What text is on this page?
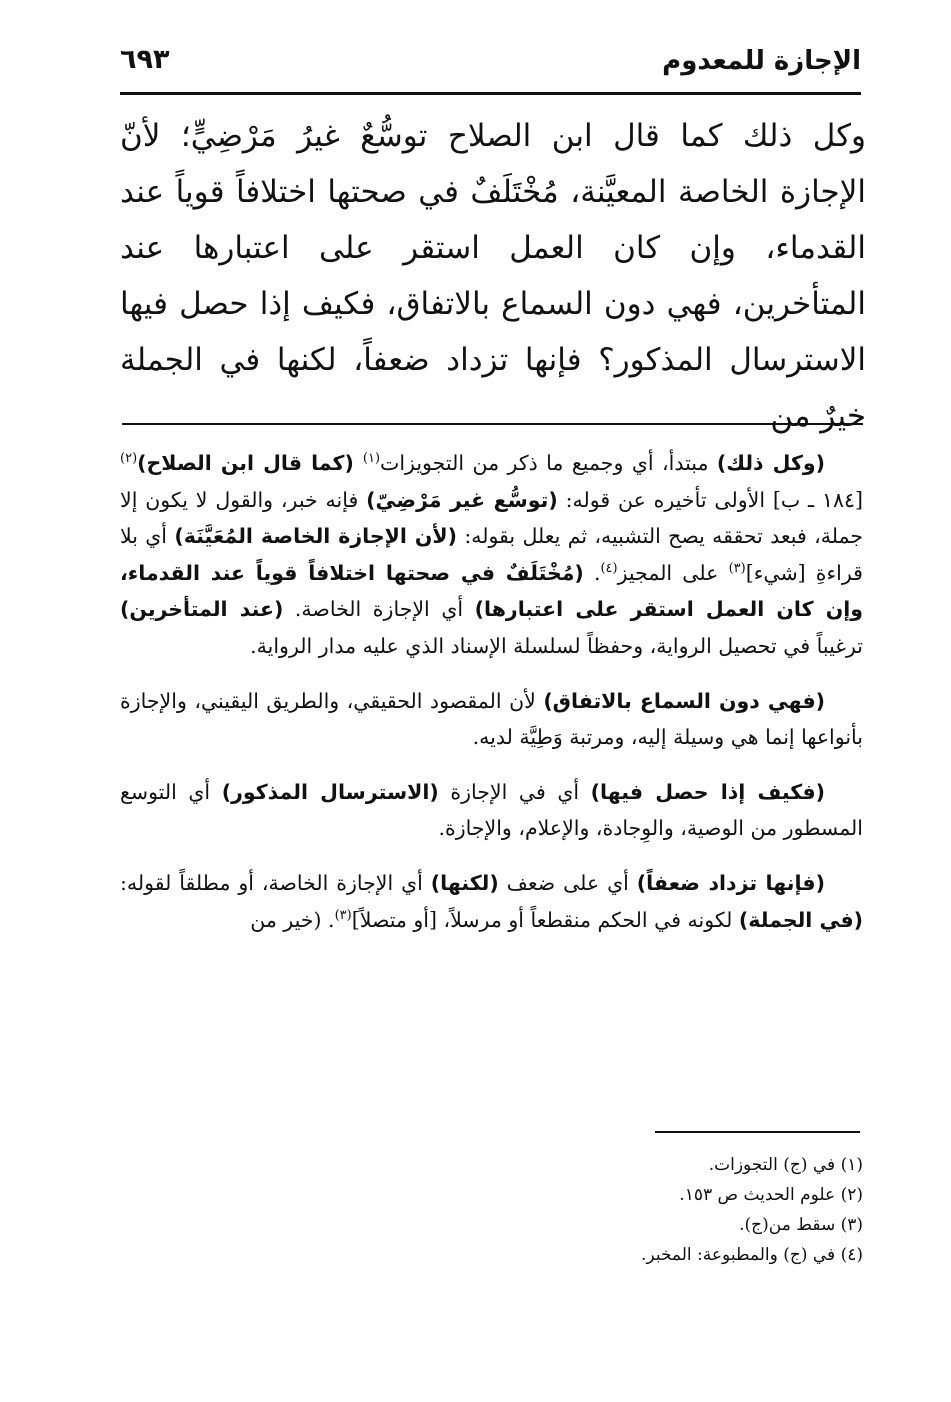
الإجازة للمعدوم
٦٩٣

وكل ذلك كما قال ابن الصلاح توسُّعٌ غيرُ مَرْضِيٍّ؛ لأنّ الإجازة الخاصة المعيَّنة، مُخْتَلَفٌ في صحتها اختلافاً قوياً عند القدماء، وإن كان العمل استقر على اعتبارها عند المتأخرين، فهي دون السماع بالاتفاق، فكيف إذا حصل فيها الاسترسال المذكور؟ فإنها تزداد ضعفاً، لكنها في الجملة خيرٌ من

(وكل ذلك) مبتدأ، أي وجميع ما ذكر من التجويزات$^{(١)}$ (كما قال ابن الصلاح)$^{(٢)}$ [١٨٤ ـ ب] الأولى تأخيره عن قوله: (توسُّع غير مَرْضِيّ) فإنه خبر، والقول لا يكون إلا جملة، فبعد تحققه يصح التشبيه، ثم يعلل بقوله: (لأن الإجازة الخاصة المُعَيَّنَة) أي بلا قراءةِ [شيء]$^{(٣)}$ على المجيز$^{(٤)}$. (مُخْتَلَفٌ في صحتها اختلافاً قوياً عند القدماء، وإن كان العمل استقر على اعتبارها) أي الإجازة الخاصة. (عند المتأخرين) ترغيباً في تحصيل الرواية، وحفظاً لسلسلة الإسناد الذي عليه مدار الرواية.

(فهي دون السماع بالاتفاق) لأن المقصود الحقيقي، والطريق اليقيني، والإجازة بأنواعها إنما هي وسيلة إليه، ومرتبة وَطِيَّة لديه.

(فكيف إذا حصل فيها) أي في الإجازة (الاسترسال المذكور) أي التوسع المسطور من الوصية، والوِجادة، والإعلام، والإجازة.

(فإنها تزداد ضعفاً) أي على ضعف (لكنها) أي الإجازة الخاصة، أو مطلقاً لقوله: (في الجملة) لكونه في الحكم منقطعاً أو مرسلاً، [أو متصلاً]$^{(٣)}$. (خير من

(١) في (ج) التجوزات.
(٢) علوم الحديث ص ١٥٣.
(٣) سقط من(ج).
(٤) في (ج) والمطبوعة: المخبر.
